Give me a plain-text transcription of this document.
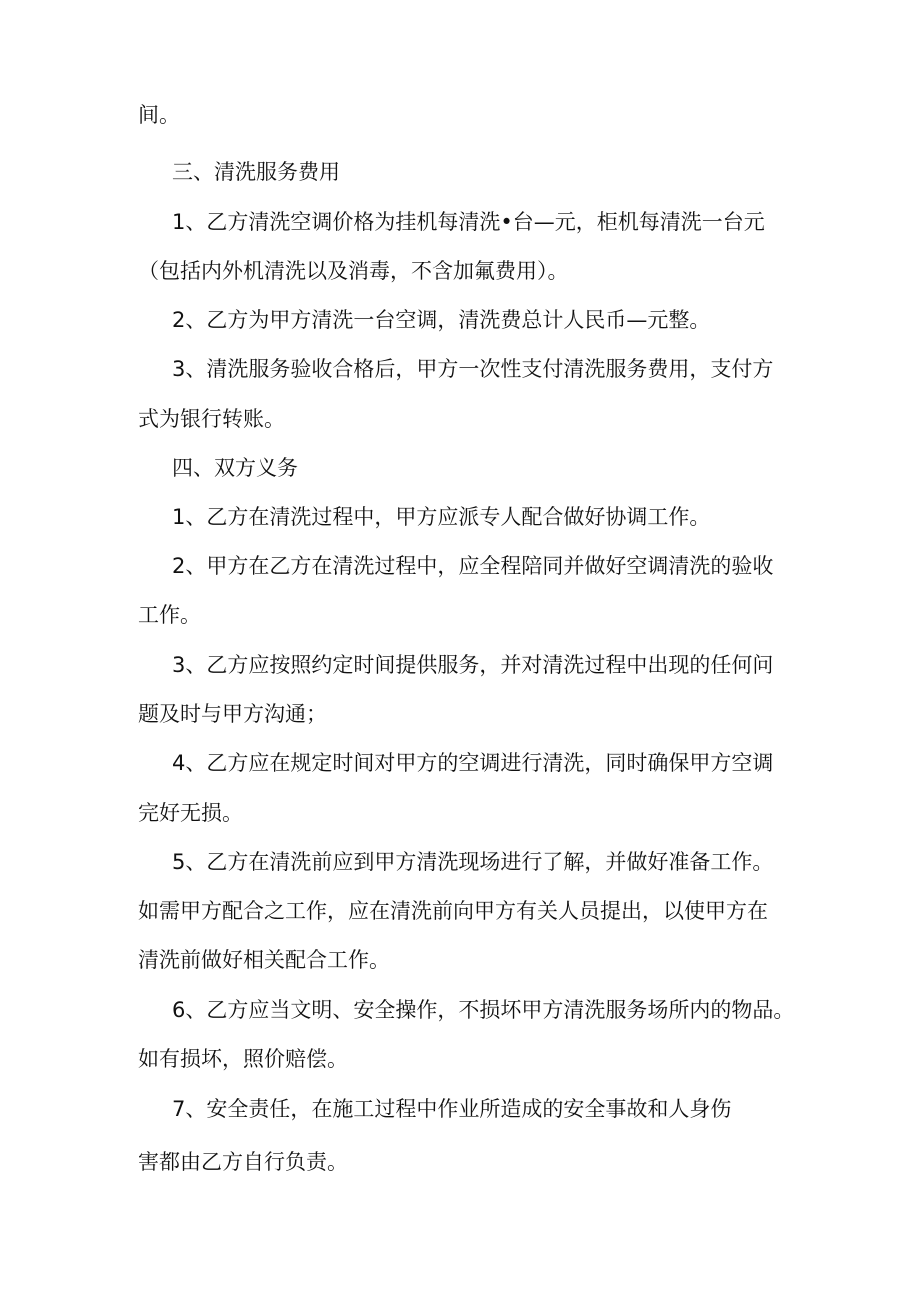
间。
三、清洗服务费用
1、乙方清洗空调价格为挂机每清洗•台—元，柜机每清洗一台元
（包括内外机清洗以及消毒，不含加氟费用）。
2、乙方为甲方清洗一台空调，清洗费总计人民币—元整。
3、清洗服务验收合格后，甲方一次性支付清洗服务费用，支付方
式为银行转账。
四、双方义务
1、乙方在清洗过程中，甲方应派专人配合做好协调工作。
2、甲方在乙方在清洗过程中，应全程陪同并做好空调清洗的验收
工作。
3、乙方应按照约定时间提供服务，并对清洗过程中出现的任何问
题及时与甲方沟通；
4、乙方应在规定时间对甲方的空调进行清洗，同时确保甲方空调
完好无损。
5、乙方在清洗前应到甲方清洗现场进行了解，并做好准备工作。
如需甲方配合之工作，应在清洗前向甲方有关人员提出，以使甲方在
清洗前做好相关配合工作。
6、乙方应当文明、安全操作，不损坏甲方清洗服务场所内的物品。
如有损坏，照价赔偿。
7、安全责任，在施工过程中作业所造成的安全事故和人身伤
害都由乙方自行负责。
